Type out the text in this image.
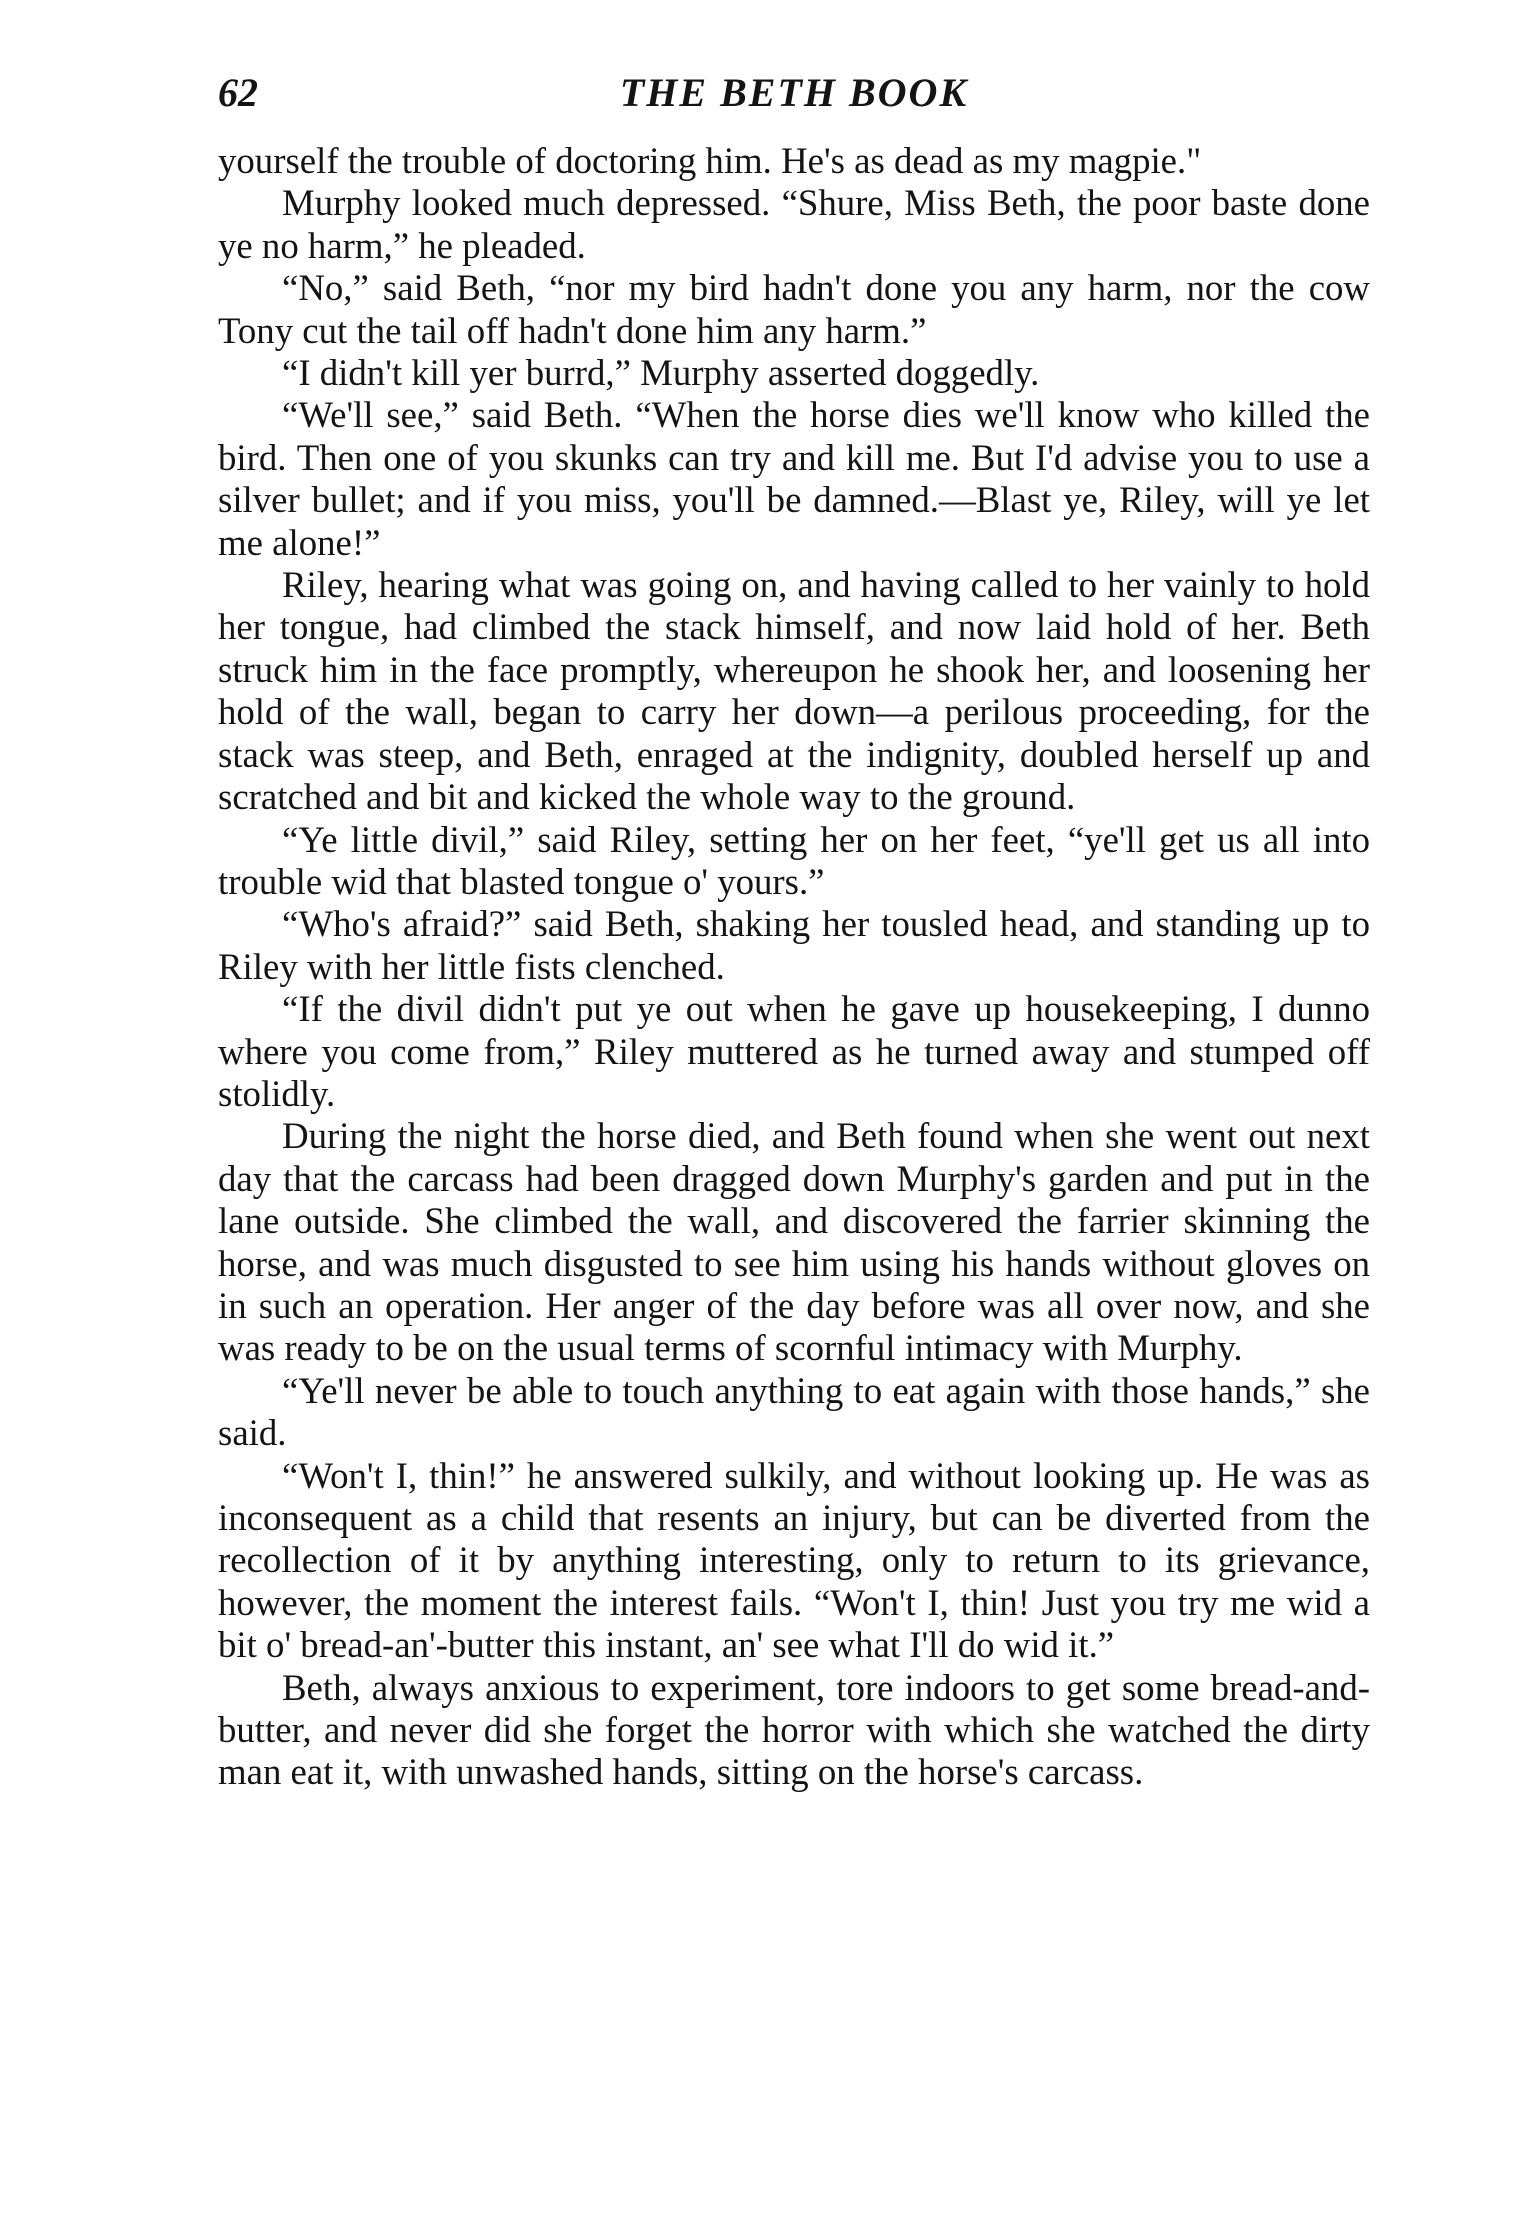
62	THE BETH BOOK

yourself the trouble of doctoring him. He's as dead as my magpie."

Murphy looked much depressed. “Shure, Miss Beth, the poor baste done ye no harm,” he pleaded.

“No,” said Beth, “nor my bird hadn't done you any harm, nor the cow Tony cut the tail off hadn't done him any harm.”

“I didn't kill yer burrd,” Murphy asserted doggedly.

“We'll see,” said Beth. “When the horse dies we'll know who killed the bird. Then one of you skunks can try and kill me. But I'd advise you to use a silver bullet; and if you miss, you'll be damned.—Blast ye, Riley, will ye let me alone!”

Riley, hearing what was going on, and having called to her vainly to hold her tongue, had climbed the stack himself, and now laid hold of her. Beth struck him in the face promptly, whereupon he shook her, and loosening her hold of the wall, began to carry her down—a perilous proceeding, for the stack was steep, and Beth, enraged at the indignity, doubled herself up and scratched and bit and kicked the whole way to the ground.

“Ye little divil,” said Riley, setting her on her feet, “ye'll get us all into trouble wid that blasted tongue o' yours.”

“Who's afraid?” said Beth, shaking her tousled head, and standing up to Riley with her little fists clenched.

“If the divil didn't put ye out when he gave up housekeeping, I dunno where you come from,” Riley muttered as he turned away and stumped off stolidly.

During the night the horse died, and Beth found when she went out next day that the carcass had been dragged down Murphy's garden and put in the lane outside. She climbed the wall, and discovered the farrier skinning the horse, and was much disgusted to see him using his hands without gloves on in such an operation. Her anger of the day before was all over now, and she was ready to be on the usual terms of scornful intimacy with Murphy.

“Ye'll never be able to touch anything to eat again with those hands,” she said.

“Won't I, thin!” he answered sulkily, and without looking up. He was as inconsequent as a child that resents an injury, but can be diverted from the recollection of it by anything interesting, only to return to its grievance, however, the moment the interest fails. “Won't I, thin! Just you try me wid a bit o' bread-an'-butter this instant, an' see what I'll do wid it.”

Beth, always anxious to experiment, tore indoors to get some bread-and-butter, and never did she forget the horror with which she watched the dirty man eat it, with unwashed hands, sitting on the horse's carcass.
